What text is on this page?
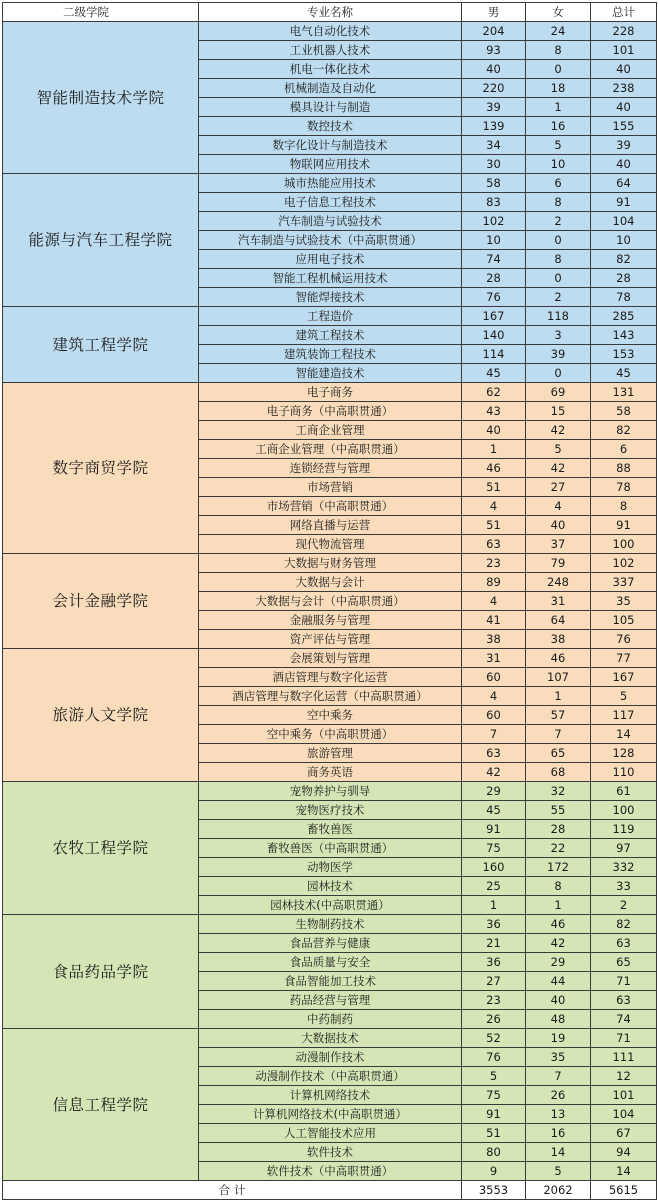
二级学院	专业名称	男	女	总计
智能制造技术学院	电气自动化技术	204	24	228
	工业机器人技术	93	8	101
	机电一体化技术	40	0	40
	机械制造及自动化	220	18	238
	模具设计与制造	39	1	40
	数控技术	139	16	155
	数字化设计与制造技术	34	5	39
	物联网应用技术	30	10	40
能源与汽车工程学院	城市热能应用技术	58	6	64
	电子信息工程技术	83	8	91
	汽车制造与试验技术	102	2	104
	汽车制造与试验技术（中高职贯通）	10	0	10
	应用电子技术	74	8	82
	智能工程机械运用技术	28	0	28
	智能焊接技术	76	2	78
建筑工程学院	工程造价	167	118	285
	建筑工程技术	140	3	143
	建筑装饰工程技术	114	39	153
	智能建造技术	45	0	45
数字商贸学院	电子商务	62	69	131
	电子商务（中高职贯通）	43	15	58
	工商企业管理	40	42	82
	工商企业管理（中高职贯通）	1	5	6
	连锁经营与管理	46	42	88
	市场营销	51	27	78
	市场营销（中高职贯通）	4	4	8
	网络直播与运营	51	40	91
	现代物流管理	63	37	100
会计金融学院	大数据与财务管理	23	79	102
	大数据与会计	89	248	337
	大数据与会计（中高职贯通）	4	31	35
	金融服务与管理	41	64	105
	资产评估与管理	38	38	76
旅游人文学院	会展策划与管理	31	46	77
	酒店管理与数字化运营	60	107	167
	酒店管理与数字化运营（中高职贯通）	4	1	5
	空中乘务	60	57	117
	空中乘务（中高职贯通）	7	7	14
	旅游管理	63	65	128
	商务英语	42	68	110
农牧工程学院	宠物养护与驯导	29	32	61
	宠物医疗技术	45	55	100
	畜牧兽医	91	28	119
	畜牧兽医（中高职贯通）	75	22	97
	动物医学	160	172	332
	园林技术	25	8	33
	园林技术(中高职贯通）	1	1	2
食品药品学院	生物制药技术	36	46	82
	食品营养与健康	21	42	63
	食品质量与安全	36	29	65
	食品智能加工技术	27	44	71
	药品经营与管理	23	40	63
	中药制药	26	48	74
信息工程学院	大数据技术	52	19	71
	动漫制作技术	76	35	111
	动漫制作技术（中高职贯通）	5	7	12
	计算机网络技术	75	26	101
	计算机网络技术(中高职贯通）	91	13	104
	人工智能技术应用	51	16	67
	软件技术	80	14	94
	软件技术（中高职贯通）	9	5	14
合 计		3553	2062	5615
